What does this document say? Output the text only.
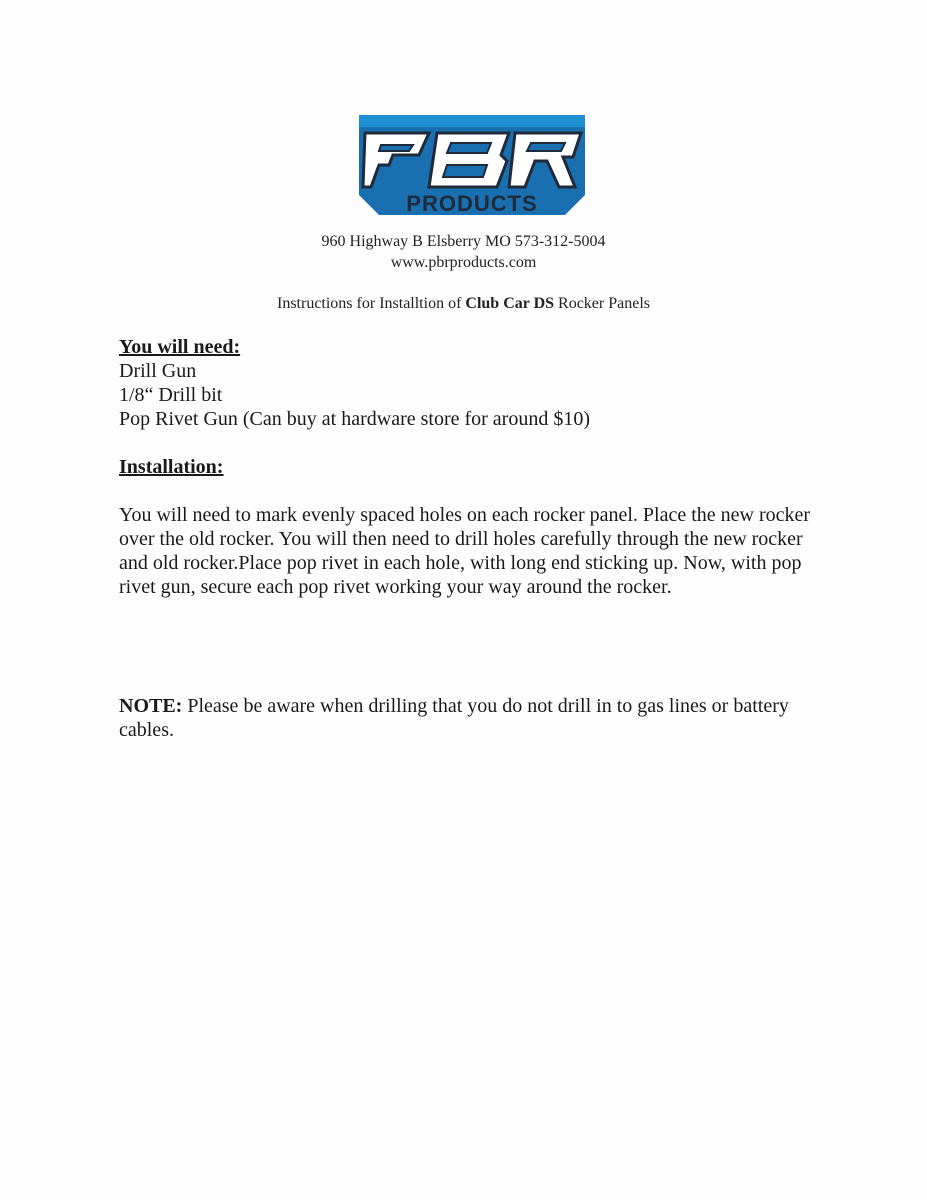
PRODUCTS
960 Highway B Elsberry MO 573-312-5004
www.pbrproducts.com
Instructions for Installtion of Club Car DS Rocker Panels
You will need:
Drill Gun
1/8“ Drill bit
Pop Rivet Gun (Can buy at hardware store for around $10)
Installation:
You will need to mark evenly spaced holes on each rocker panel. Place the new rocker over the old rocker. You will then need to drill holes carefully through the new rocker and old rocker.Place pop rivet in each hole, with long end sticking up. Now, with pop rivet gun, secure each pop rivet working your way around the rocker.
NOTE: Please be aware when drilling that you do not drill in to gas lines or battery cables.
